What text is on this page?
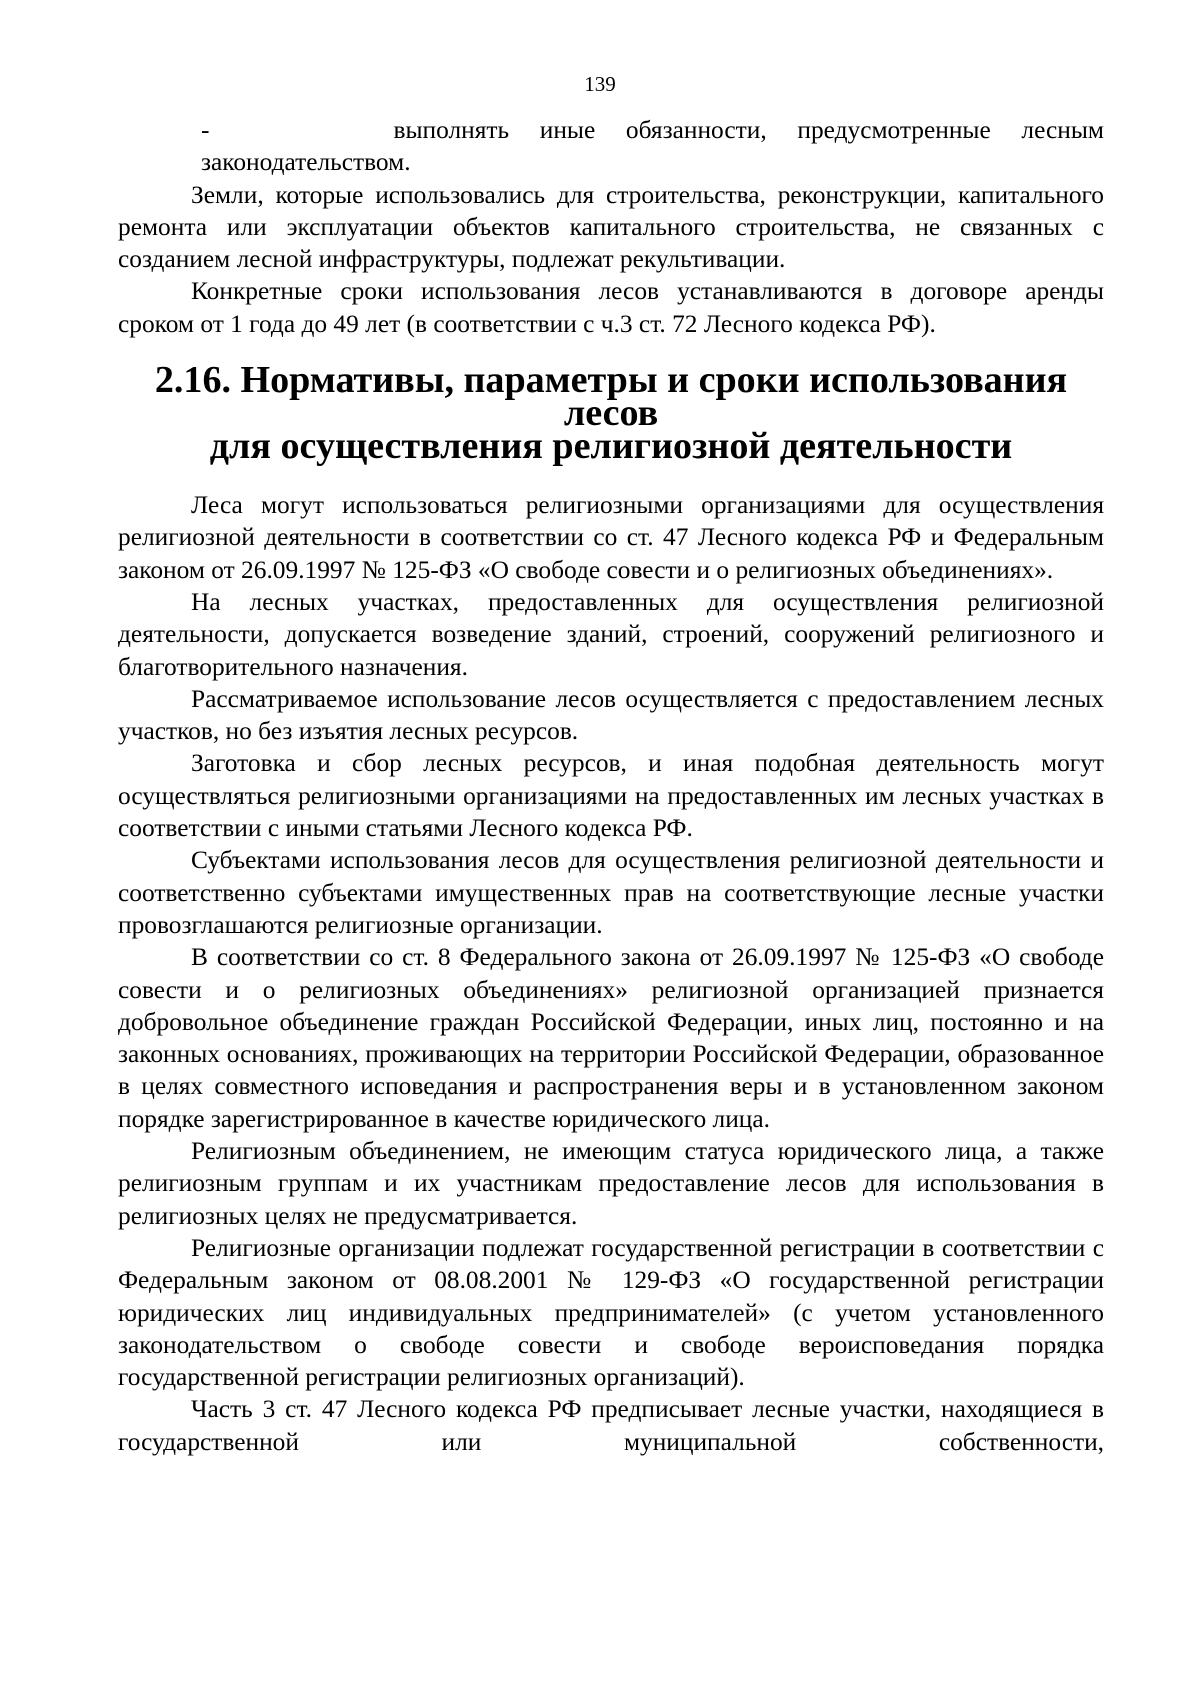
139

-      выполнять иные обязанности, предусмотренные лесным

законодательством.

Земли, которые использовались для строительства, реконструкции, капитального ремонта или эксплуатации объектов капитального строительства, не связанных с созданием лесной инфраструктуры, подлежат рекультивации.

Конкретные сроки использования лесов устанавливаются в договоре аренды сроком от 1 года до 49 лет (в соответствии с ч.3 ст. 72 Лесного кодекса РФ).

2.16. Нормативы, параметры и сроки использования лесов
для осуществления религиозной деятельности

Леса могут использоваться религиозными организациями для осуществления религиозной деятельности в соответствии со ст. 47 Лесного кодекса РФ и Федеральным законом от 26.09.1997 № 125-ФЗ «О свободе совести и о религиозных объединениях».

На лесных участках, предоставленных для осуществления религиозной деятельности, допускается возведение зданий, строений, сооружений религиозного и благотворительного назначения.

Рассматриваемое использование лесов осуществляется с предоставлением лесных участков, но без изъятия лесных ресурсов.

Заготовка и сбор лесных ресурсов, и иная подобная деятельность могут осуществляться религиозными организациями на предоставленных им лесных участках в соответствии с иными статьями Лесного кодекса РФ.

Субъектами использования лесов для осуществления религиозной деятельности и соответственно субъектами имущественных прав на соответствующие лесные участки провозглашаются религиозные организации.

В соответствии со ст. 8 Федерального закона от 26.09.1997 № 125-ФЗ «О свободе совести и о религиозных объединениях» религиозной организацией признается добровольное объединение граждан Российской Федерации, иных лиц, постоянно и на законных основаниях, проживающих на территории Российской Федерации, образованное в целях совместного исповедания и распространения веры и в установленном законом порядке зарегистрированное в качестве юридического лица.

Религиозным объединением, не имеющим статуса юридического лица, а также религиозным группам и их участникам предоставление лесов для использования в религиозных целях не предусматривается.

Религиозные организации подлежат государственной регистрации в соответствии с Федеральным законом от 08.08.2001 № 129-ФЗ «О государственной регистрации юридических лиц индивидуальных предпринимателей» (с учетом установленного законодательством о свободе совести и свободе вероисповедания порядка государственной регистрации религиозных организаций).

Часть 3 ст. 47 Лесного кодекса РФ предписывает лесные участки, находящиеся в государственной или муниципальной собственности,
